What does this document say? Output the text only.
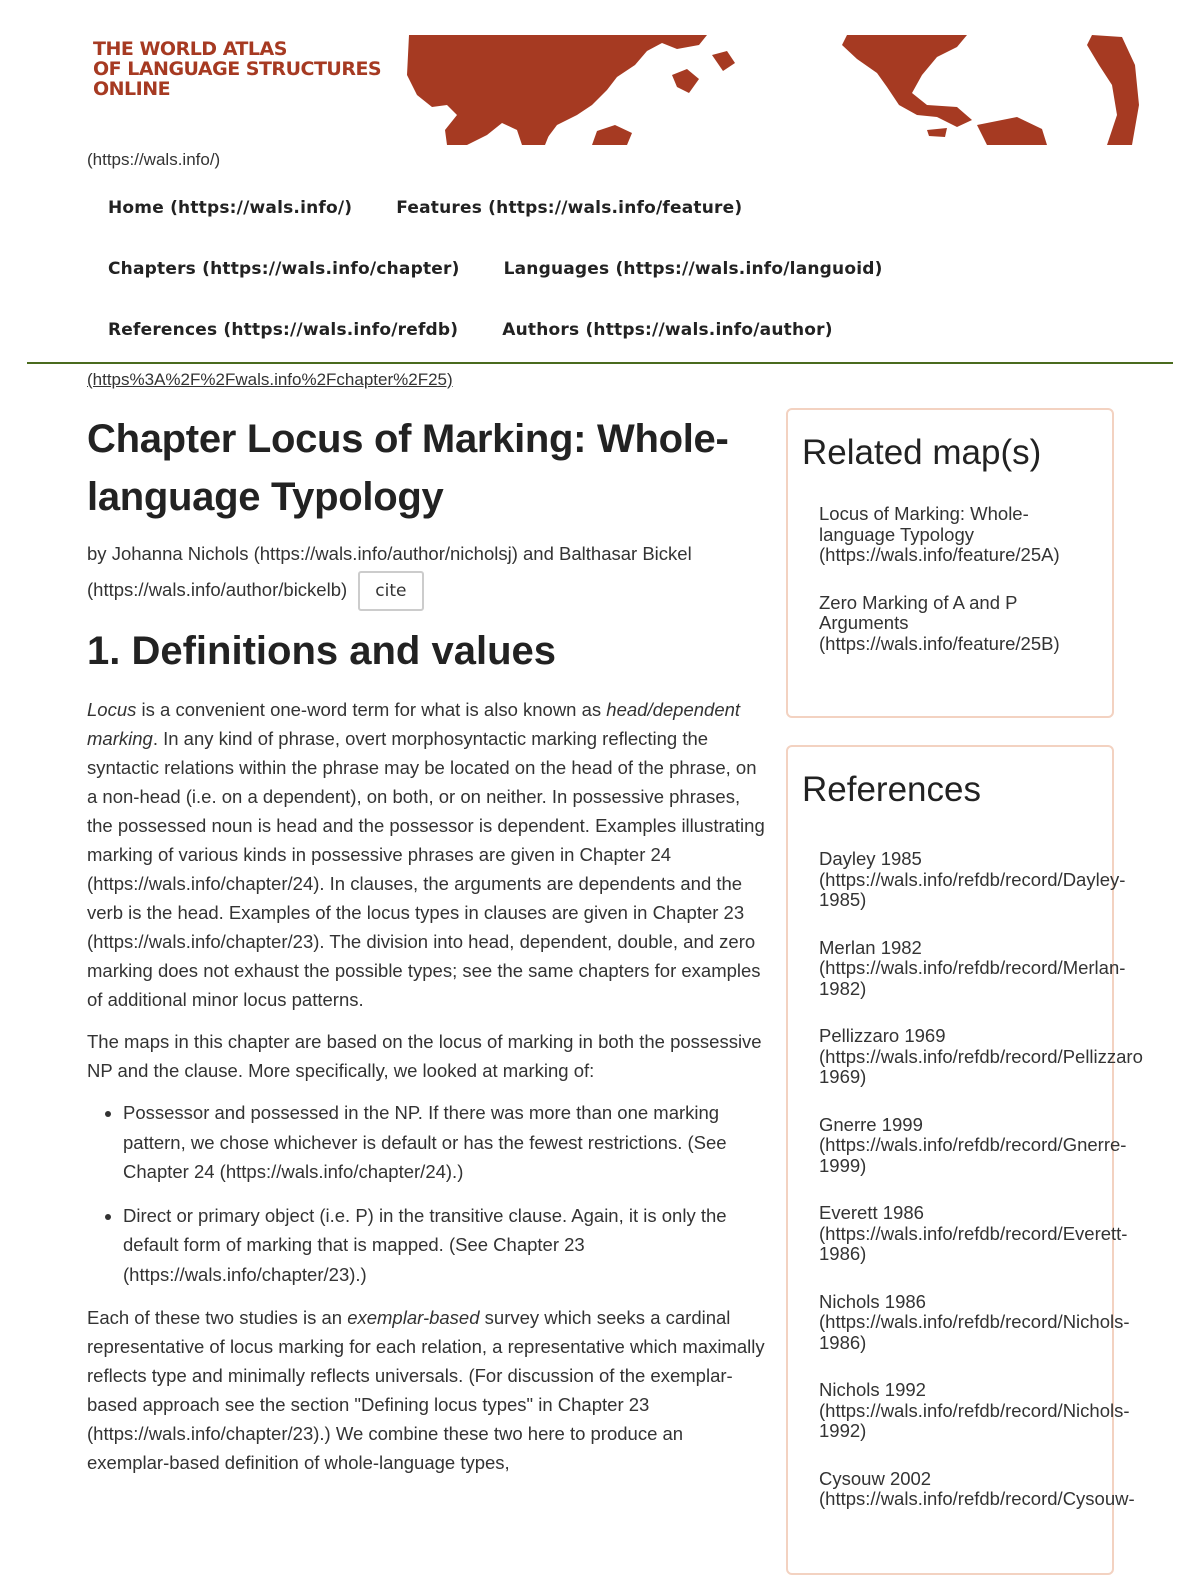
THE WORLD ATLAS
OF LANGUAGE STRUCTURES
ONLINE
(https://wals.info/)
Home (https://wals.info/)	Features (https://wals.info/feature)
Chapters (https://wals.info/chapter)	Languages (https://wals.info/languoid)
References (https://wals.info/refdb)	Authors (https://wals.info/author)
(https%3A%2F%2Fwals.info%2Fchapter%2F25)
Chapter Locus of Marking: Whole-language Typology
by Johanna Nichols (https://wals.info/author/nicholsj) and Balthasar Bickel (https://wals.info/author/bickelb) cite
1. Definitions and values

Locus is a convenient one-word term for what is also known as head/dependent marking. In any kind of phrase, overt morphosyntactic marking reflecting the syntactic relations within the phrase may be located on the head of the phrase, on a non-head (i.e. on a dependent), on both, or on neither. In possessive phrases, the possessed noun is head and the possessor is dependent. Examples illustrating marking of various kinds in possessive phrases are given in Chapter 24 (https://wals.info/chapter/24). In clauses, the arguments are dependents and the verb is the head. Examples of the locus types in clauses are given in Chapter 23 (https://wals.info/chapter/23). The division into head, dependent, double, and zero marking does not exhaust the possible types; see the same chapters for examples of additional minor locus patterns.

The maps in this chapter are based on the locus of marking in both the possessive NP and the clause. More specifically, we looked at marking of:

• Possessor and possessed in the NP. If there was more than one marking pattern, we chose whichever is default or has the fewest restrictions. (See Chapter 24 (https://wals.info/chapter/24).)
• Direct or primary object (i.e. P) in the transitive clause. Again, it is only the default form of marking that is mapped. (See Chapter 23 (https://wals.info/chapter/23).)

Each of these two studies is an exemplar-based survey which seeks a cardinal representative of locus marking for each relation, a representative which maximally reflects type and minimally reflects universals. (For discussion of the exemplar-based approach see the section "Defining locus types" in Chapter 23 (https://wals.info/chapter/23).) We combine these two here to produce an exemplar-based definition of whole-language types,

Related map(s)
Locus of Marking: Whole-
language Typology
(https://wals.info/feature/25A)
Zero Marking of A and P
Arguments
(https://wals.info/feature/25B)
References
Dayley 1985
(https://wals.info/refdb/record/Dayley-
1985)
Merlan 1982
(https://wals.info/refdb/record/Merlan-
1982)
Pellizzaro 1969
(https://wals.info/refdb/record/Pellizzaro
1969)
Gnerre 1999
(https://wals.info/refdb/record/Gnerre-
1999)
Everett 1986
(https://wals.info/refdb/record/Everett-
1986)
Nichols 1986
(https://wals.info/refdb/record/Nichols-
1986)
Nichols 1992
(https://wals.info/refdb/record/Nichols-
1992)
Cysouw 2002
(https://wals.info/refdb/record/Cysouw-
